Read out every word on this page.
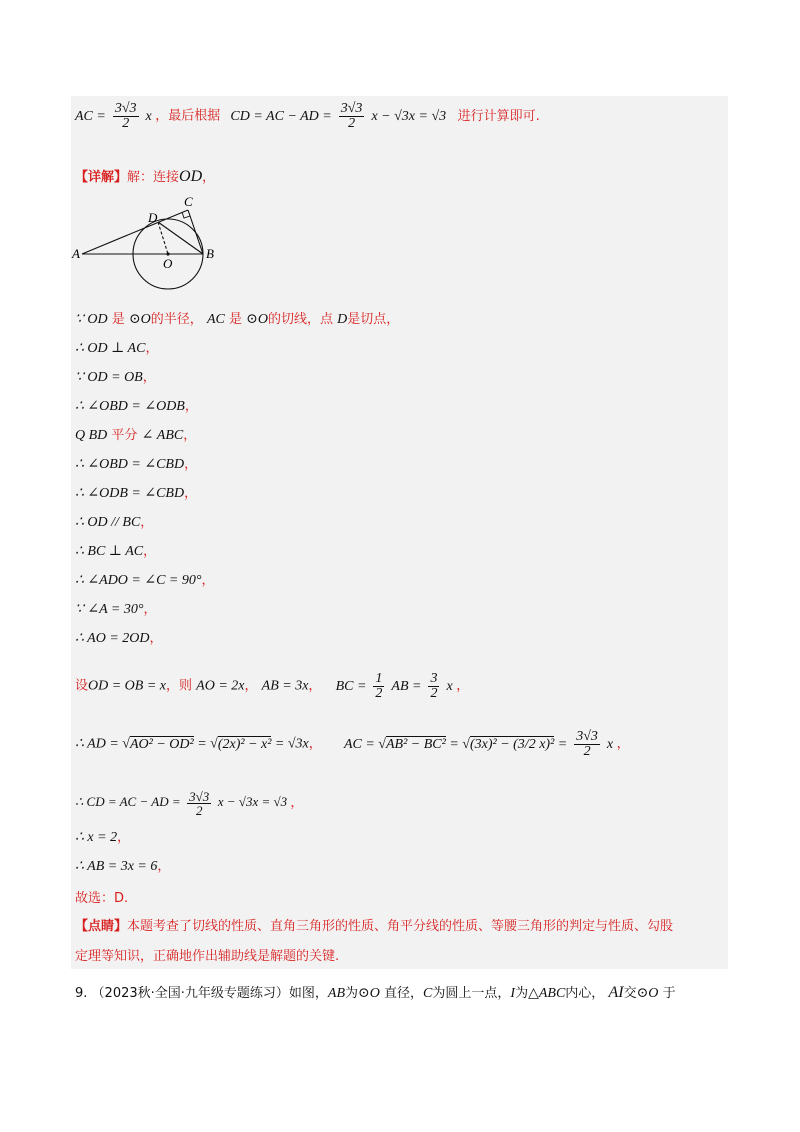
AC = $\frac{3√3}{2}$ x ，最后根据 CD = AC − AD = $\frac{3√3}{2}$ x − √3x = √3 进行计算即可.
【详解】解：连接OD，
C
D
A
O
B
∵ OD 是 ⊙O的半径， AC 是 ⊙O的切线，点 D是切点，
∴ OD ⊥ AC，
∵ OD = OB，
∴ ∠OBD = ∠ODB，
Q BD 平分 ∠ ABC，
∴ ∠OBD = ∠CBD，
∴ ∠ODB = ∠CBD，
∴ OD // BC，
∴ BC ⊥ AC，
∴ ∠ADO = ∠C = 90°，
∵ ∠A = 30°，
∴ AO = 2OD，
设OD = OB = x，则 AO = 2x， AB = 3x， BC = $\frac{1}{2}$ AB = $\frac{3}{2}$ x ，
∴ AD = √AO² − OD² = √(2x)² − x² = √3x， AC = √AB² − BC² = √(3x)² − (3/2 $x)^2 = \frac{3√3}{2}$ x ，
∴ CD = AC − AD = $\frac{3√3}{2}$ x − √3x = √3 ，
∴ x = 2，
∴ AB = 3x = 6，
故选：D.
【点睛】本题考查了切线的性质、直角三角形的性质、角平分线的性质、等腰三角形的判定与性质、勾股
定理等知识，正确地作出辅助线是解题的关键.
9. （2023秋·全国·九年级专题练习）如图，AB为⊙O 直径，C为圆上一点，I为△ABC内心， AI交⊙O 于
